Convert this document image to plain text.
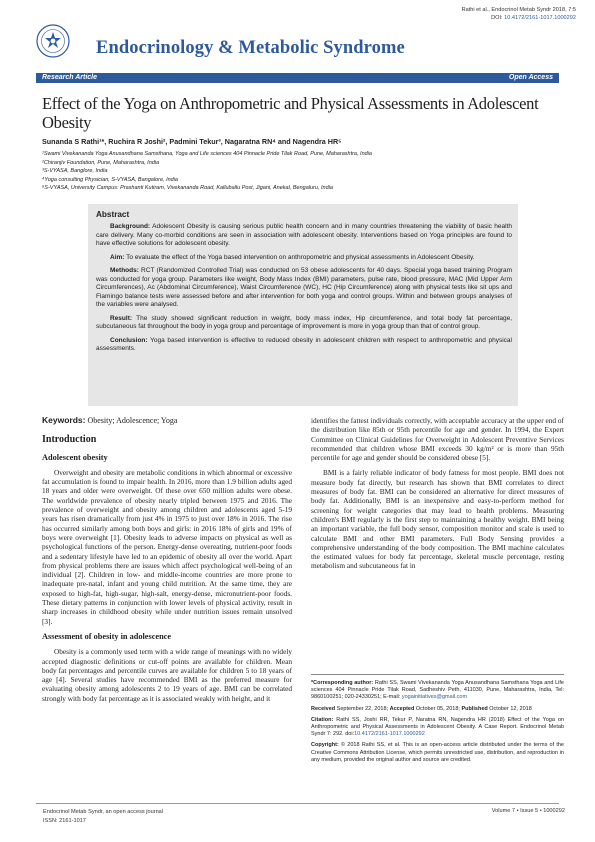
Rathi et al., Endocrinol Metab Syndr 2018, 7:5
DOI: 10.4172/2161-1017.1000292
Endocrinology & Metabolic Syndrome
Research Article	Open Access
Effect of the Yoga on Anthropometric and Physical Assessments in Adolescent Obesity
Sunanda S Rathi¹*, Ruchira R Joshi², Padmini Tekur³, Nagaratna RN⁴ and Nagendra HR⁵
¹Swami Vivekananda Yoga Anusandhana Samsthana, Yoga and Life sciences 404 Pinnacle Pride Tilak Road, Pune, Maharashtra, India
²Chiranjiv Foundation, Pune, Maharashtra, India
³S-VYASA, Banglore, India
⁴Yoga consulting Physician, S-VYASA, Bangalore, India
⁵S-VYASA, University Campus: Prashanti Kutiram, Vivekananda Road, Kalluballu Post, Jigani, Anekal, Bengaluru, India
Abstract

Background: Adolescent Obesity is causing serious public health concern and in many countries threatening the viability of basic health care delivery. Many co-morbid conditions are seen in association with adolescent obesity. Interventions based on Yoga principles are found to have effective solutions for adolescent obesity.

Aim: To evaluate the effect of the Yoga based intervention on anthropometric and physical assessments in Adolescent Obesity.

Methods: RCT (Randomized Controlled Trial) was conducted on 53 obese adolescents for 40 days. Special yoga based training Program was conducted for yoga group. Parameters like weight, Body Mass Index (BMI) parameters, pulse rate, blood pressure, MAC (Mid Upper Arm Circumferences), Ac (Abdominal Circumference), Waist Circumference (WC), HC (Hip Circumference) along with physical tests like sit ups and Flamingo balance tests were assessed before and after intervention for both yoga and control groups. Within and between groups analyses of the variables were analysed.

Result: The study showed significant reduction in weight, body mass index, Hip circumference, and total body fat percentage, subcutaneous fat throughout the body in yoga group and percentage of improvement is more in yoga group than that of control group.

Conclusion: Yoga based intervention is effective to reduced obesity in adolescent children with respect to anthropometric and physical assessments.

Keywords: Obesity; Adolescence; Yoga
Introduction
Adolescent obesity

Overweight and obesity are metabolic conditions in which abnormal or excessive fat accumulation is found to impair health. In 2016, more than 1.9 billion adults aged 18 years and older were overweight. Of these over 650 million adults were obese. The worldwide prevalence of obesity nearly tripled between 1975 and 2016. The prevalence of overweight and obesity among children and adolescents aged 5-19 years has risen dramatically from just 4% in 1975 to just over 18% in 2016. The rise has occurred similarly among both boys and girls: in 2016 18% of girls and 19% of boys were overweight [1]. Obesity leads to adverse impacts on physical as well as psychological functions of the person. Energy-dense overeating, nutrient-poor foods and a sedentary lifestyle have led to an epidemic of obesity all over the world. Apart from physical problems there are issues which affect psychological well-being of an individual [2]. Children in low- and middle-income countries are more prone to inadequate pre-natal, infant and young child nutrition. At the same time, they are exposed to high-fat, high-sugar, high-salt, energy-dense, micronutrient-poor foods. These dietary patterns in conjunction with lower levels of physical activity, result in sharp increases in childhood obesity while under nutrition issues remain unsolved [3].

Assessment of obesity in adolescence

Obesity is a commonly used term with a wide range of meanings with no widely accepted diagnostic definitions or cut-off points are available for children. Mean body fat percentages and percentile curves are available for children 5 to 18 years of age [4]. Several studies have recommended BMI as the preferred measure for evaluating obesity among adolescents 2 to 19 years of age. BMI can be correlated strongly with body fat percentage as it is associated weakly with height, and it

identifies the fattest individuals correctly, with acceptable accuracy at the upper end of the distribution like 85th or 95th percentile for age and gender. In 1994, the Expert Committee on Clinical Guidelines for Overweight in Adolescent Preventive Services recommended that children whose BMI exceeds 30 kg/m² or is more than 95th percentile for age and gender should be considered obese [5].

BMI is a fairly reliable indicator of body fatness for most people. BMI does not measure body fat directly, but research has shown that BMI correlates to direct measures of body fat. BMI can be considered an alternative for direct measures of body fat. Additionally, BMI is an inexpensive and easy-to-perform method for screening for weight categories that may lead to health problems. Measuring children's BMI regularly is the first step to maintaining a healthy weight. BMI being an important variable, the full body sensor, composition monitor and scale is used to calculate BMI and other BMI parameters. Full Body Sensing provides a comprehensive understanding of the body composition. The BMI machine calculates the estimated values for body fat percentage, skeletal muscle percentage, resting metabolism and subcutaneous fat in

*Corresponding author: Rathi SS, Swami Vivekananda Yoga Anusandhana Samsthana Yoga and Life sciences 404 Pinnacle Pride Tilak Road, Sadheshiv Peth, 411030, Pune, Maharashtra, India, Tel: 9860100251; 020-24330251; E-mail: yogainitiatives@gmail.com

Received September 22, 2018; Accepted October 05, 2018; Published October 12, 2018

Citation: Rathi SS, Joshi RR, Tekur P, Naratna RN, Nagendra HR (2018) Effect of the Yoga on Anthropometric and Physical Assessments in Adolescent Obesity. A Case Report. Endocrinol Metab Syndr 7: 292. doi:10.4172/2161-1017.1000292

Copyright: © 2018 Rathi SS, et al. This is an open-access article distributed under the terms of the Creative Commons Attribution License, which permits unrestricted use, distribution, and reproduction in any medium, provided the original author and source are credited.

Endocrinol Metab Syndr, an open access journal
ISSN: 2161-1017
Volume 7 • Issue 5 • 1000292
